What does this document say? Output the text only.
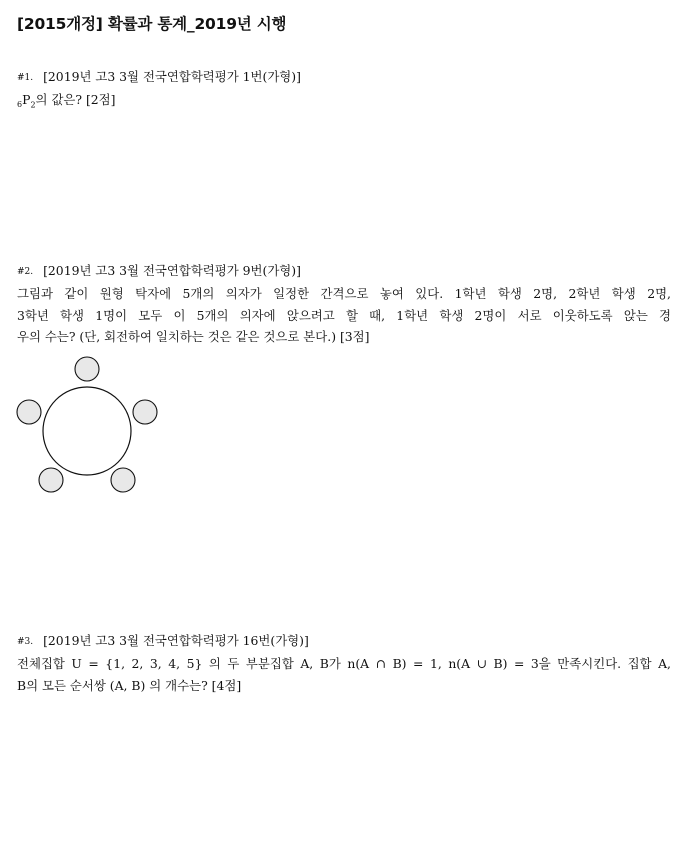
[2015개정] 확률과 통계_2019년 시행
#1. [2019년 고3 3월 전국연합학력평가 1번(가형)]
$_6P_2$의 값은? [2점]
#2. [2019년 고3 3월 전국연합학력평가 9번(가형)]
그림과 같이 원형 탁자에 5개의 의자가 일정한 간격으로 놓여 있다. 1학년 학생 2명, 2학년 학생 2명,
3학년 학생 1명이 모두 이 5개의 의자에 앉으려고 할 때, 1학년 학생 2명이 서로 이웃하도록 앉는 경
우의 수는? (단, 회전하여 일치하는 것은 같은 것으로 본다.) [3점]
#3. [2019년 고3 3월 전국연합학력평가 16번(가형)]
전체집합 U = {1, 2, 3, 4, 5} 의 두 부분집합 A, B가 n(A ∩ B) = 1, n(A ∪ B) = 3을 만족시킨다. 집합 A,
B의 모든 순서쌍 (A, B) 의 개수는? [4점]
